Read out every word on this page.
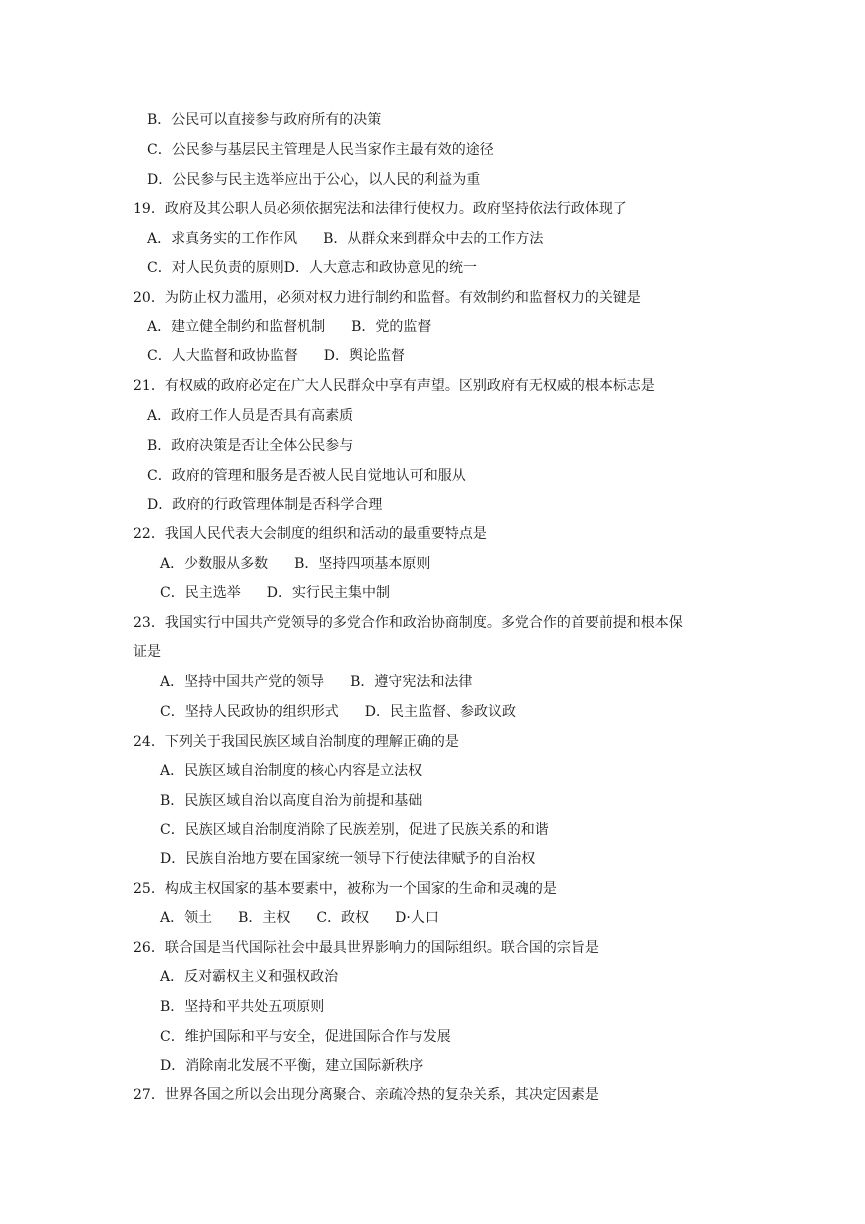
B．公民可以直接参与政府所有的决策
C．公民参与基层民主管理是人民当家作主最有效的途径
D．公民参与民主选举应出于公心，以人民的利益为重
19．政府及其公职人员必须依据宪法和法律行使权力。政府坚持依法行政体现了
A．求真务实的工作作风 B．从群众来到群众中去的工作方法
C．对人民负责的原则D．人大意志和政协意见的统一
20．为防止权力滥用，必须对权力进行制约和监督。有效制约和监督权力的关键是
A．建立健全制约和监督机制 B．党的监督
C．人大监督和政协监督 D．舆论监督
21．有权威的政府必定在广大人民群众中享有声望。区别政府有无权威的根本标志是
A．政府工作人员是否具有高素质
B．政府决策是否让全体公民参与
C．政府的管理和服务是否被人民自觉地认可和服从
D．政府的行政管理体制是否科学合理
22．我国人民代表大会制度的组织和活动的最重要特点是
A．少数服从多数 B．坚持四项基本原则
C．民主选举 D．实行民主集中制
23．我国实行中国共产党领导的多党合作和政治协商制度。多党合作的首要前提和根本保
证是
A．坚持中国共产党的领导 B．遵守宪法和法律
C．坚持人民政协的组织形式 D．民主监督、参政议政
24．下列关于我国民族区域自治制度的理解正确的是
A．民族区域自治制度的核心内容是立法权
B．民族区域自治以高度自治为前提和基础
C．民族区域自治制度消除了民族差别，促进了民族关系的和谐
D．民族自治地方要在国家统一领导下行使法律赋予的自治权
25．构成主权国家的基本要素中，被称为一个国家的生命和灵魂的是
A．领土 B．主权 C．政权 D·人口
26．联合国是当代国际社会中最具世界影响力的国际组织。联合国的宗旨是
A．反对霸权主义和强权政治
B．坚持和平共处五项原则
C．维护国际和平与安全，促进国际合作与发展
D．消除南北发展不平衡，建立国际新秩序
27．世界各国之所以会出现分离聚合、亲疏冷热的复杂关系，其决定因素是
